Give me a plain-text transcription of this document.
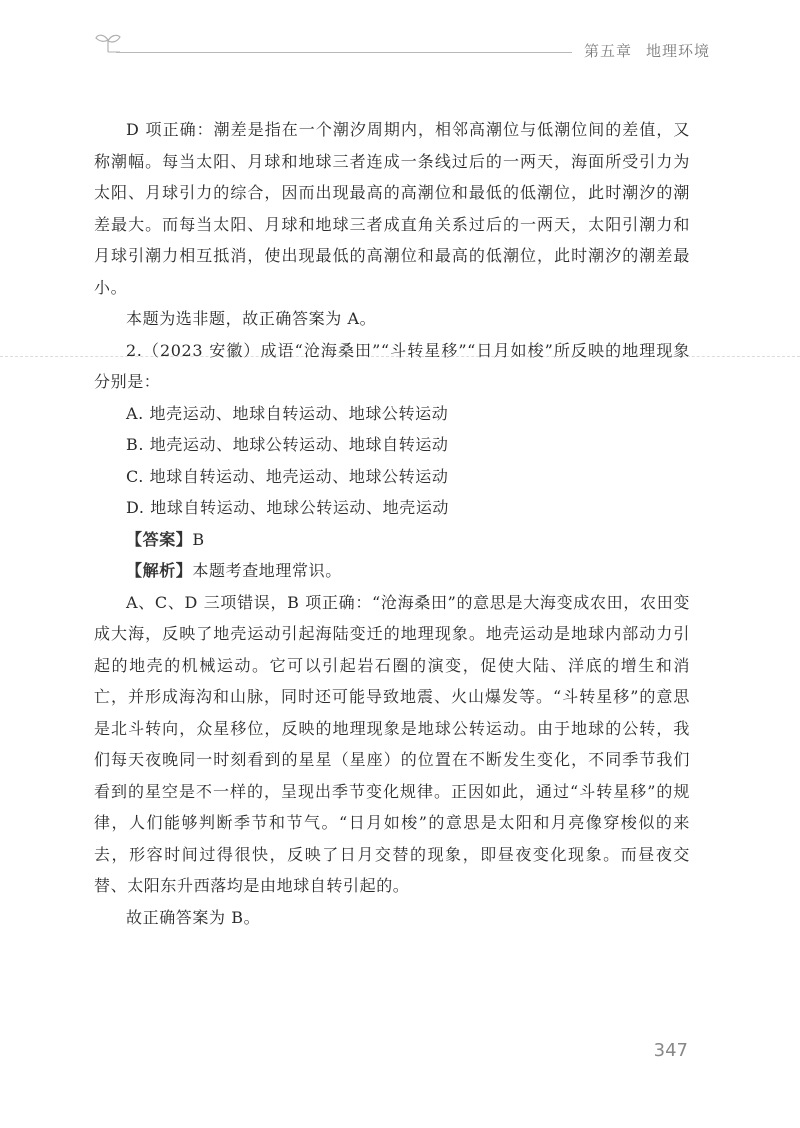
第五章 地理环境

D 项正确：潮差是指在一个潮汐周期内，相邻高潮位与低潮位间的差值，又称潮幅。每当太阳、月球和地球三者连成一条线过后的一两天，海面所受引力为太阳、月球引力的综合，因而出现最高的高潮位和最低的低潮位，此时潮汐的潮差最大。而每当太阳、月球和地球三者成直角关系过后的一两天，太阳引潮力和月球引潮力相互抵消，使出现最低的高潮位和最高的低潮位，此时潮汐的潮差最小。

本题为选非题，故正确答案为 A。

2.（2023 安徽）成语“沧海桑田”“斗转星移”“日月如梭”所反映的地理现象分别是：

A. 地壳运动、地球自转运动、地球公转运动

B. 地壳运动、地球公转运动、地球自转运动

C. 地球自转运动、地壳运动、地球公转运动

D. 地球自转运动、地球公转运动、地壳运动

【答案】B

【解析】本题考查地理常识。

A、C、D 三项错误，B 项正确：“沧海桑田”的意思是大海变成农田，农田变成大海，反映了地壳运动引起海陆变迁的地理现象。地壳运动是地球内部动力引起的地壳的机械运动。它可以引起岩石圈的演变，促使大陆、洋底的增生和消亡，并形成海沟和山脉，同时还可能导致地震、火山爆发等。“斗转星移”的意思是北斗转向，众星移位，反映的地理现象是地球公转运动。由于地球的公转，我们每天夜晚同一时刻看到的星星（星座）的位置在不断发生变化，不同季节我们看到的星空是不一样的，呈现出季节变化规律。正因如此，通过“斗转星移”的规律，人们能够判断季节和节气。“日月如梭”的意思是太阳和月亮像穿梭似的来去，形容时间过得很快，反映了日月交替的现象，即昼夜变化现象。而昼夜交替、太阳东升西落均是由地球自转引起的。

故正确答案为 B。

347
